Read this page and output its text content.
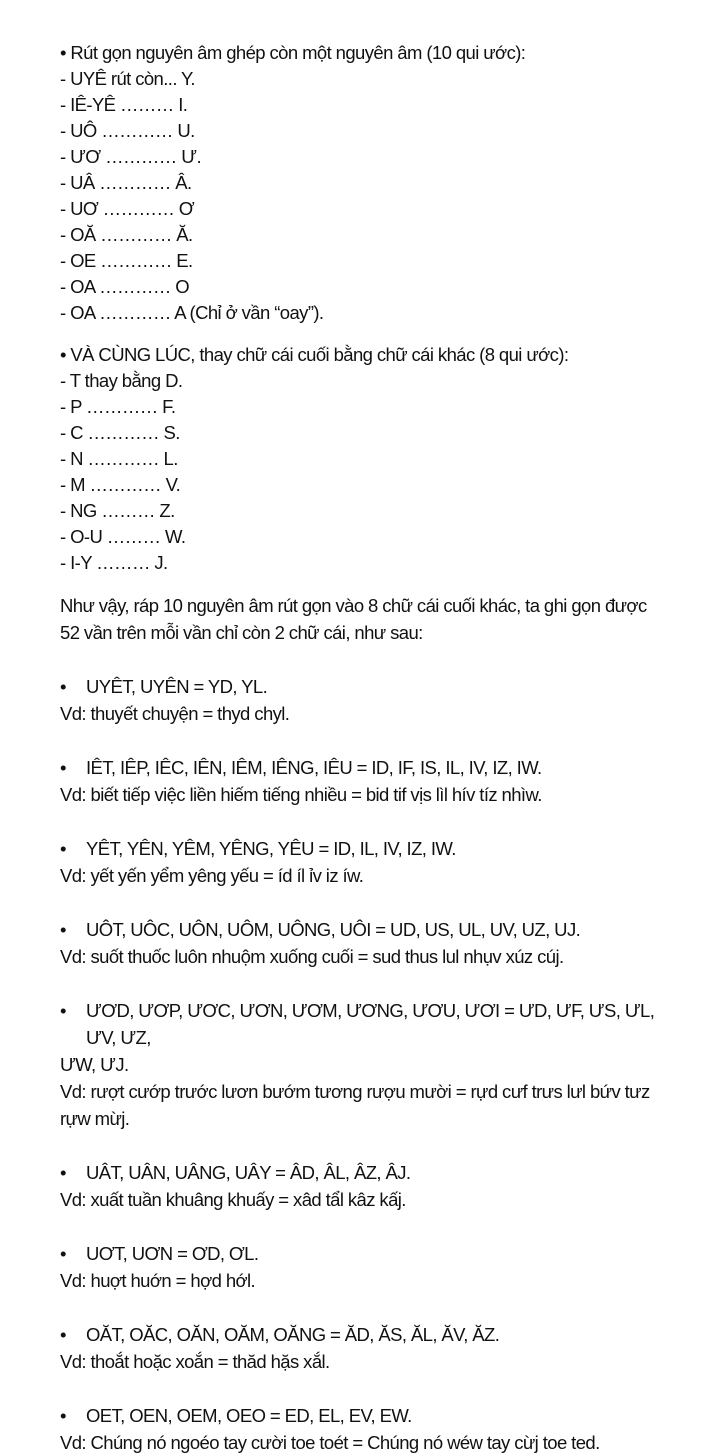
• Rút gọn nguyên âm ghép còn một nguyên âm (10 qui ước):
- UYÊ rút còn... Y.
- IÊ-YÊ ……… I.
- UÔ ………… U.
- ƯƠ ………… Ư.
- UÂ ………… Â.
- UƠ ………… Ơ
- OĂ ………… Ă.
- OE ………… E.
- OA ………… O
- OA ………… A (Chỉ ở vần “oay”).
• VÀ CÙNG LÚC, thay chữ cái cuối bằng chữ cái khác (8 qui ước):
- T thay bằng D.
- P ………… F.
- C ………… S.
- N ………… L.
- M ………… V.
- NG ……… Z.
- O-U ……… W.
- I-Y ……… J.
Như vậy, ráp 10 nguyên âm rút gọn vào 8 chữ cái cuối khác, ta ghi gọn được
52 vần trên mỗi vần chỉ còn 2 chữ cái, như sau:
•	UYÊT, UYÊN = YD, YL.
Vd: thuyết chuyện = thyd chyl.
•	IÊT, IÊP, IÊC, IÊN, IÊM, IÊNG, IÊU = ID, IF, IS, IL, IV, IZ, IW.
Vd: biết tiếp việc liền hiếm tiếng nhiều = bid tif vịs lìl hív tíz nhìw.
•	YÊT, YÊN, YÊM, YÊNG, YÊU = ID, IL, IV, IZ, IW.
Vd: yết yến yểm yêng yếu = íd íl ỉv iz íw.
•	UÔT, UÔC, UÔN, UÔM, UÔNG, UÔI = UD, US, UL, UV, UZ, UJ.
Vd: suốt thuốc luôn nhuộm xuống cuối = sud thus lul nhụv xúz cúj.
•	ƯƠD, ƯƠP, ƯƠC, ƯƠN, ƯƠM, ƯƠNG, ƯƠU, ƯƠI = ƯD, ƯF, ƯS, ƯL, ƯV, ƯZ,
ƯW, ƯJ.
Vd: rượt cướp trước lươn bướm tương rượu mười = rựd cưf trưs lưl bứv tưz
rựw mừj.
•	UÂT, UÂN, UÂNG, UÂY = ÂD, ÂL, ÂZ, ÂJ.
Vd: xuất tuần khuâng khuấy = xâd tẩl kâz kấj.
•	UƠT, UƠN = ƠD, ƠL.
Vd: huợt huớn = hợd hớl.
•	OĂT, OĂC, OĂN, OĂM, OĂNG = ĂD, ĂS, ĂL, ĂV, ĂZ.
Vd: thoắt hoặc xoắn = thăd hặs xắl.
•	OET, OEN, OEM, OEO = ED, EL, EV, EW.
Vd: Chúng nó ngoéo tay cười toe toét = Chúng nó wéw tay cừj toe ted.
